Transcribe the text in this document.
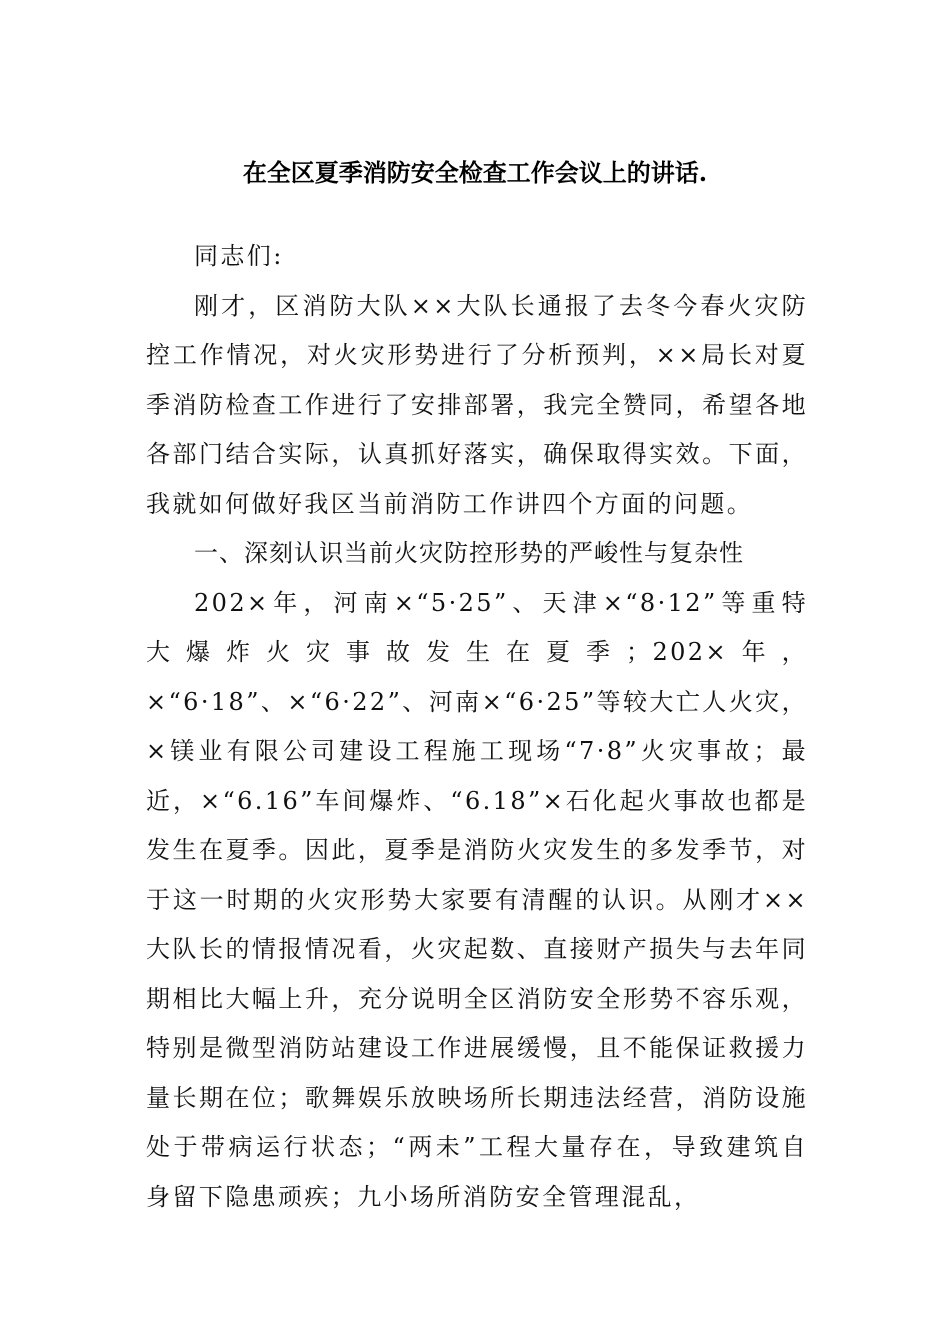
在全区夏季消防安全检查工作会议上的讲话.

同志们:

刚才，区消防大队××大队长通报了去冬今春火灾防控工作情况，对火灾形势进行了分析预判，××局长对夏季消防检查工作进行了安排部署，我完全赞同，希望各地各部门结合实际，认真抓好落实，确保取得实效。下面，我就如何做好我区当前消防工作讲四个方面的问题。

一、深刻认识当前火灾防控形势的严峻性与复杂性

202×年，河南×“5·25”、天津×“8·12”等重特

大爆炸火灾事故发生在夏季；202×年，

×“6·18”、×“6·22”、河南×“6·25”等较大亡人火灾，×镁业有限公司建设工程施工现场“7·8”火灾事故；最近，×“6.16”车间爆炸、“6.18”×石化起火事故也都是发生在夏季。因此，夏季是消防火灾发生的多发季节，对于这一时期的火灾形势大家要有清醒的认识。从刚才××大队长的情报情况看，火灾起数、直接财产损失与去年同期相比大幅上升，充分说明全区消防安全形势不容乐观，特别是微型消防站建设工作进展缓慢，且不能保证救援力量长期在位；歌舞娱乐放映场所长期违法经营，消防设施处于带病运行状态；“两未”工程大量存在，导致建筑自身留下隐患顽疾；九小场所消防安全管理混乱，
